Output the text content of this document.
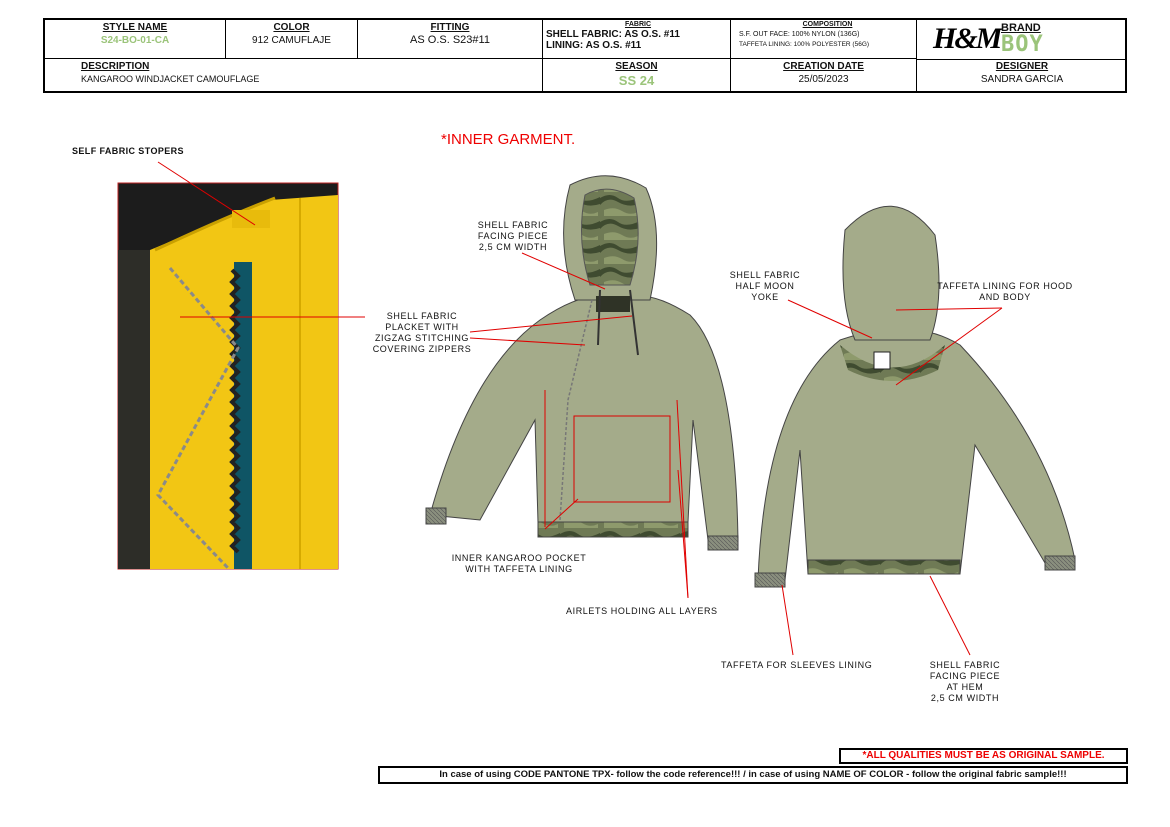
STYLE NAME
S24-BO-01-CA
COLOR
912 CAMUFLAJE
FITTING
AS O.S. S23#11
FABRIC
SHELL FABRIC: AS O.S. #11
LINING: AS O.S. #11
COMPOSITION
S.F. OUT FACE: 100% NYLON (136G)
TAFFETA LINING: 100% POLYESTER (56G)	H&M BRAND
BOY
DESCRIPTION
KANGAROO WINDJACKET CAMOUFLAGE
SEASON
SS 24
CREATION DATE
25/05/2023
DESIGNER
SANDRA GARCIA
*INNER GARMENT.
SELF FABRIC STOPERS
SHELL FABRIC
PLACKET WITH
ZIGZAG STITCHING
COVERING ZIPPERS
SHELL FABRIC
FACING PIECE
2,5 CM WIDTH
SHELL FABRIC
HALF MOON
YOKE
TAFFETA LINING FOR HOOD
AND BODY
INNER KANGAROO POCKET
WITH TAFFETA LINING
AIRLETS HOLDING ALL LAYERS
TAFFETA FOR SLEEVES LINING	SHELL FABRIC
FACING PIECE
AT HEM
2,5 CM WIDTH
*ALL QUALITIES MUST BE AS ORIGINAL SAMPLE.
In case of using CODE PANTONE TPX- follow the code reference!!! / in case of using NAME OF COLOR - follow the original fabric sample!!!
